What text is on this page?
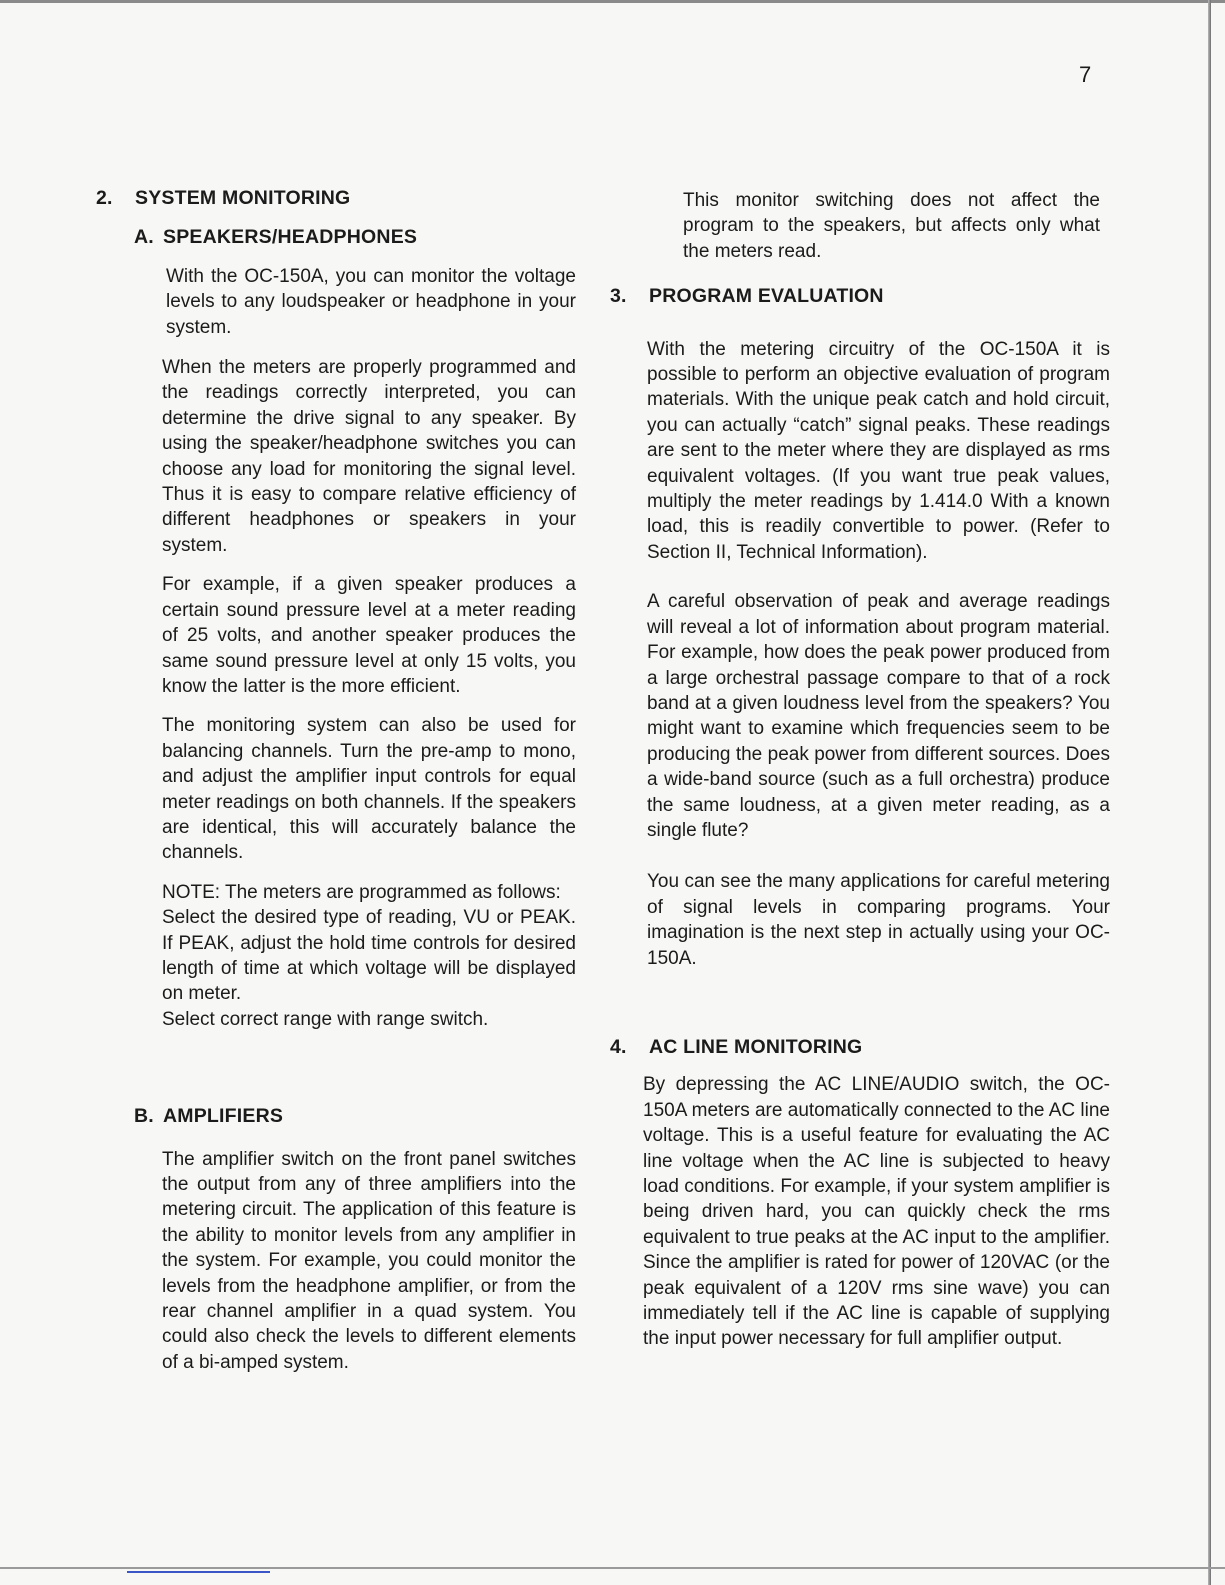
7
2.	SYSTEM MONITORING
A. SPEAKERS/HEADPHONES

With the OC-150A, you can monitor the voltage levels to any loudspeaker or headphone in your system.

When the meters are properly programmed and the readings correctly interpreted, you can determine the drive signal to any speaker. By using the speaker/headphone switches you can choose any load for monitoring the signal level. Thus it is easy to compare relative efficiency of different headphones or speakers in your system.

For example, if a given speaker produces a certain sound pressure level at a meter reading of 25 volts, and another speaker produces the same sound pressure level at only 15 volts, you know the latter is the more efficient.

The monitoring system can also be used for balancing channels. Turn the pre-amp to mono, and adjust the amplifier input controls for equal meter readings on both channels. If the speakers are identical, this will accurately balance the channels.

NOTE: The meters are programmed as follows:

Select the desired type of reading, VU or PEAK. If PEAK, adjust the hold time controls for desired length of time at which voltage will be displayed on meter.

Select correct range with range switch.

B. AMPLIFIERS

The amplifier switch on the front panel switches the output from any of three amplifiers into the metering circuit. The application of this feature is the ability to monitor levels from any amplifier in the system. For example, you could monitor the levels from the headphone amplifier, or from the rear channel amplifier in a quad system. You could also check the levels to different elements of a bi-amped system.

This monitor switching does not affect the program to the speakers, but affects only what the meters read.

3.	PROGRAM EVALUATION

With the metering circuitry of the OC-150A it is possible to perform an objective evaluation of program materials. With the unique peak catch and hold circuit, you can actually “catch” signal peaks. These readings are sent to the meter where they are displayed as rms equivalent voltages. (If you want true peak values, multiply the meter readings by 1.414.0 With a known load, this is readily convertible to power. (Refer to Section II, Technical Information).

A careful observation of peak and average readings will reveal a lot of information about program material. For example, how does the peak power produced from a large orchestral passage compare to that of a rock band at a given loudness level from the speakers? You might want to examine which frequencies seem to be producing the peak power from different sources. Does a wide-band source (such as a full orchestra) produce the same loudness, at a given meter reading, as a single flute?

You can see the many applications for careful metering of signal levels in comparing programs. Your imagination is the next step in actually using your OC-150A.

4.	AC LINE MONITORING

By depressing the AC LINE/AUDIO switch, the OC-150A meters are automatically connected to the AC line voltage. This is a useful feature for evaluating the AC line voltage when the AC line is subjected to heavy load conditions. For example, if your system amplifier is being driven hard, you can quickly check the rms equivalent to true peaks at the AC input to the amplifier. Since the amplifier is rated for power of 120VAC (or the peak equivalent of a 120V rms sine wave) you can immediately tell if the AC line is capable of supplying the input power necessary for full amplifier output.
